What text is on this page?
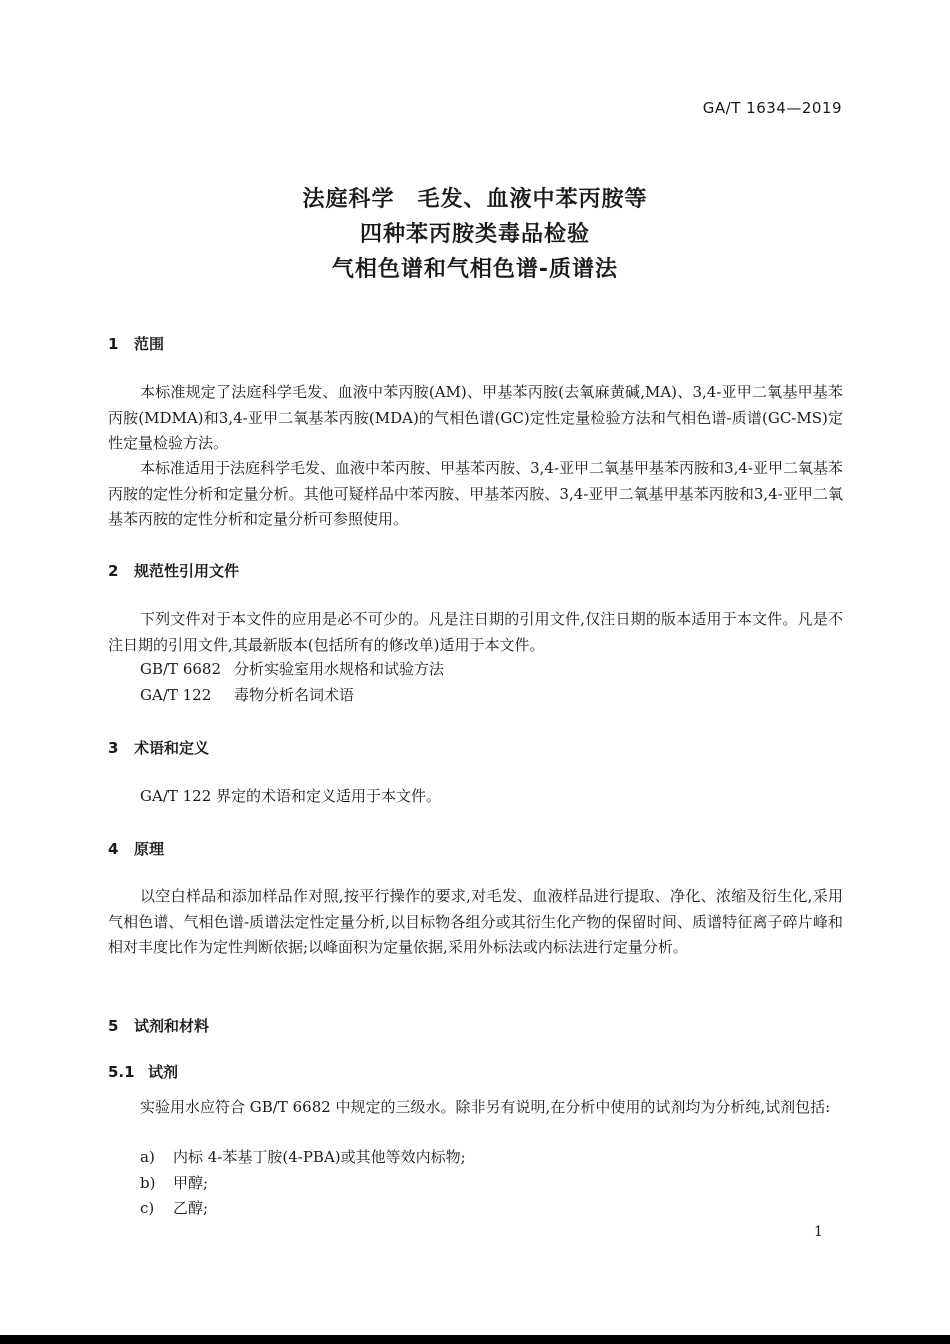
GA/T 1634—2019
法庭科学　毛发、血液中苯丙胺等
四种苯丙胺类毒品检验
气相色谱和气相色谱-质谱法
1 范围
本标准规定了法庭科学毛发、血液中苯丙胺(AM)、甲基苯丙胺(去氧麻黄碱,MA)、3,4-亚甲二氧基甲基苯丙胺(MDMA)和3,4-亚甲二氧基苯丙胺(MDA)的气相色谱(GC)定性定量检验方法和气相色谱-质谱(GC-MS)定性定量检验方法。
本标准适用于法庭科学毛发、血液中苯丙胺、甲基苯丙胺、3,4-亚甲二氧基甲基苯丙胺和3,4-亚甲二氧基苯丙胺的定性分析和定量分析。其他可疑样品中苯丙胺、甲基苯丙胺、3,4-亚甲二氧基甲基苯丙胺和3,4-亚甲二氧基苯丙胺的定性分析和定量分析可参照使用。
2 规范性引用文件
下列文件对于本文件的应用是必不可少的。凡是注日期的引用文件,仅注日期的版本适用于本文件。凡是不注日期的引用文件,其最新版本(包括所有的修改单)适用于本文件。
GB/T 6682 分析实验室用水规格和试验方法
GA/T 122 毒物分析名词术语
3 术语和定义
GA/T 122 界定的术语和定义适用于本文件。
4 原理
以空白样品和添加样品作对照,按平行操作的要求,对毛发、血液样品进行提取、净化、浓缩及衍生化,采用气相色谱、气相色谱-质谱法定性定量分析,以目标物各组分或其衍生化产物的保留时间、质谱特征离子碎片峰和相对丰度比作为定性判断依据;以峰面积为定量依据,采用外标法或内标法进行定量分析。
5 试剂和材料
5.1 试剂
实验用水应符合 GB/T 6682 中规定的三级水。除非另有说明,在分析中使用的试剂均为分析纯,试剂包括:
a) 内标 4-苯基丁胺(4-PBA)或其他等效内标物;
b) 甲醇;
c) 乙醇;
1
